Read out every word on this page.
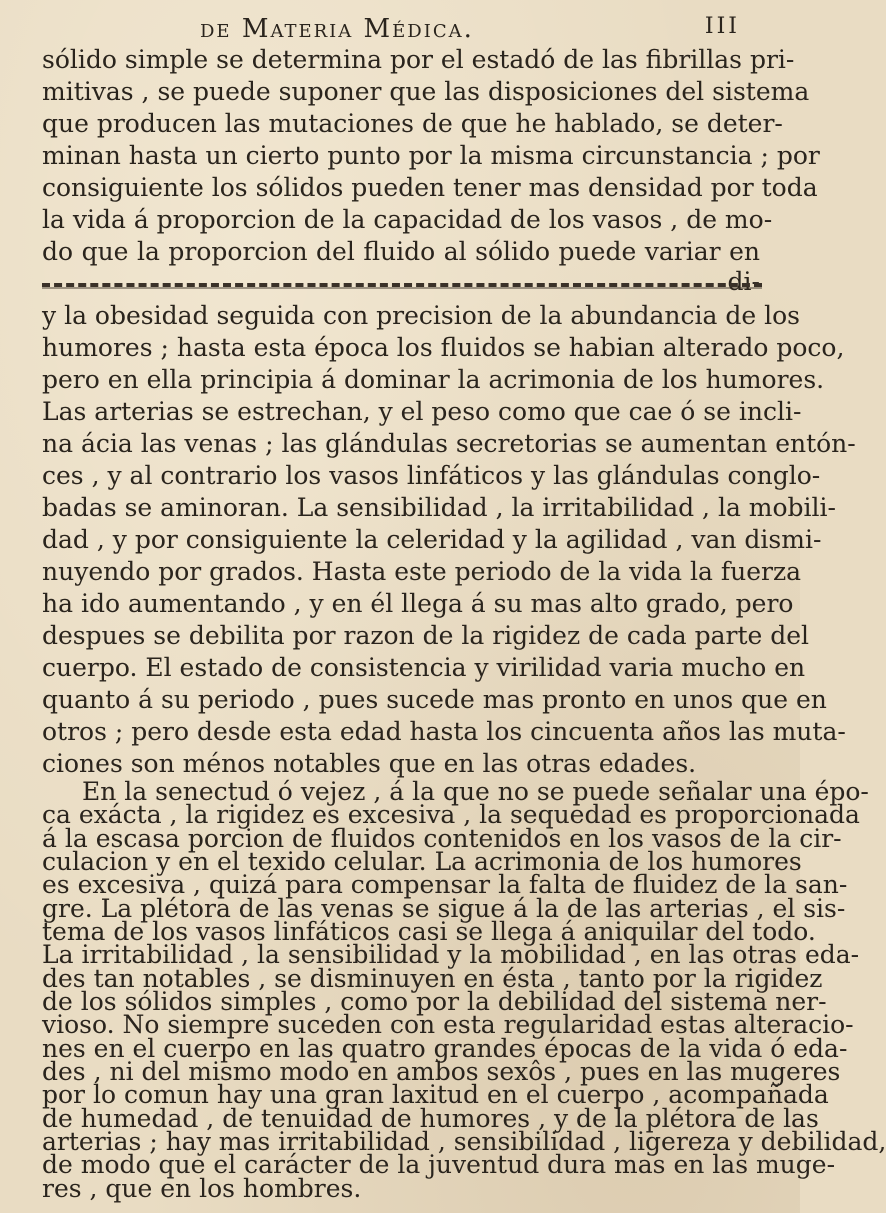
de Materia Médica.	III
sólido simple se determina por el estadó de las fibrillas pri-
mitivas , se puede suponer que las disposiciones del sistema
que producen las mutaciones de que he hablado, se deter-
minan hasta un cierto punto por la misma circunstancia ; por
consiguiente los sólidos pueden tener mas densidad por toda
la vida á proporcion de la capacidad de los vasos , de mo-
do que la proporcion del fluido al sólido puede variar en
di-
y la obesidad seguida con precision de la abundancia de los
humores ; hasta esta época los fluidos se habian alterado poco,
pero en ella principia á dominar la acrimonia de los humores.
Las arterias se estrechan, y el peso como que cae ó se incli-
na ácia las venas ; las glándulas secretorias se aumentan entón-
ces , y al contrario los vasos linfáticos y las glándulas conglo-
badas se aminoran. La sensibilidad , la irritabilidad , la mobili-
dad , y por consiguiente la celeridad y la agilidad , van dismi-
nuyendo por grados. Hasta este periodo de la vida la fuerza
ha ido aumentando , y en él llega á su mas alto grado, pero
despues se debilita por razon de la rigidez de cada parte del
cuerpo. El estado de consistencia y virilidad varia mucho en
quanto á su periodo , pues sucede mas pronto en unos que en
otros ; pero desde esta edad hasta los cincuenta años las muta-
ciones son ménos notables que en las otras edades.
En la senectud ó vejez , á la que no se puede señalar una épo-
ca exácta , la rigidez es excesiva , la sequedad es proporcionada
á la escasa porcion de fluidos contenidos en los vasos de la cir-
culacion y en el texido celular. La acrimonia de los humores
es excesiva , quizá para compensar la falta de fluidez de la san-
gre. La plétora de las venas se sigue á la de las arterias , el sis-
tema de los vasos linfáticos casi se llega á aniquilar del todo.
La irritabilidad , la sensibilidad y la mobilidad , en las otras eda-
des tan notables , se disminuyen en ésta , tanto por la rigidez
de los sólidos simples , como por la debilidad del sistema ner-
vioso. No siempre suceden con esta regularidad estas alteracio-
nes en el cuerpo en las quatro grandes épocas de la vida ó eda-
des , ni del mismo modo en ambos sexôs , pues en las mugeres
por lo comun hay una gran laxitud en el cuerpo , acompañada
de humedad , de tenuidad de humores , y de la plétora de las
arterias ; hay mas irritabilidad , sensibilidad , ligereza y debilidad,
de modo que el carácter de la juventud dura mas en las muge-
res , que en los hombres.
